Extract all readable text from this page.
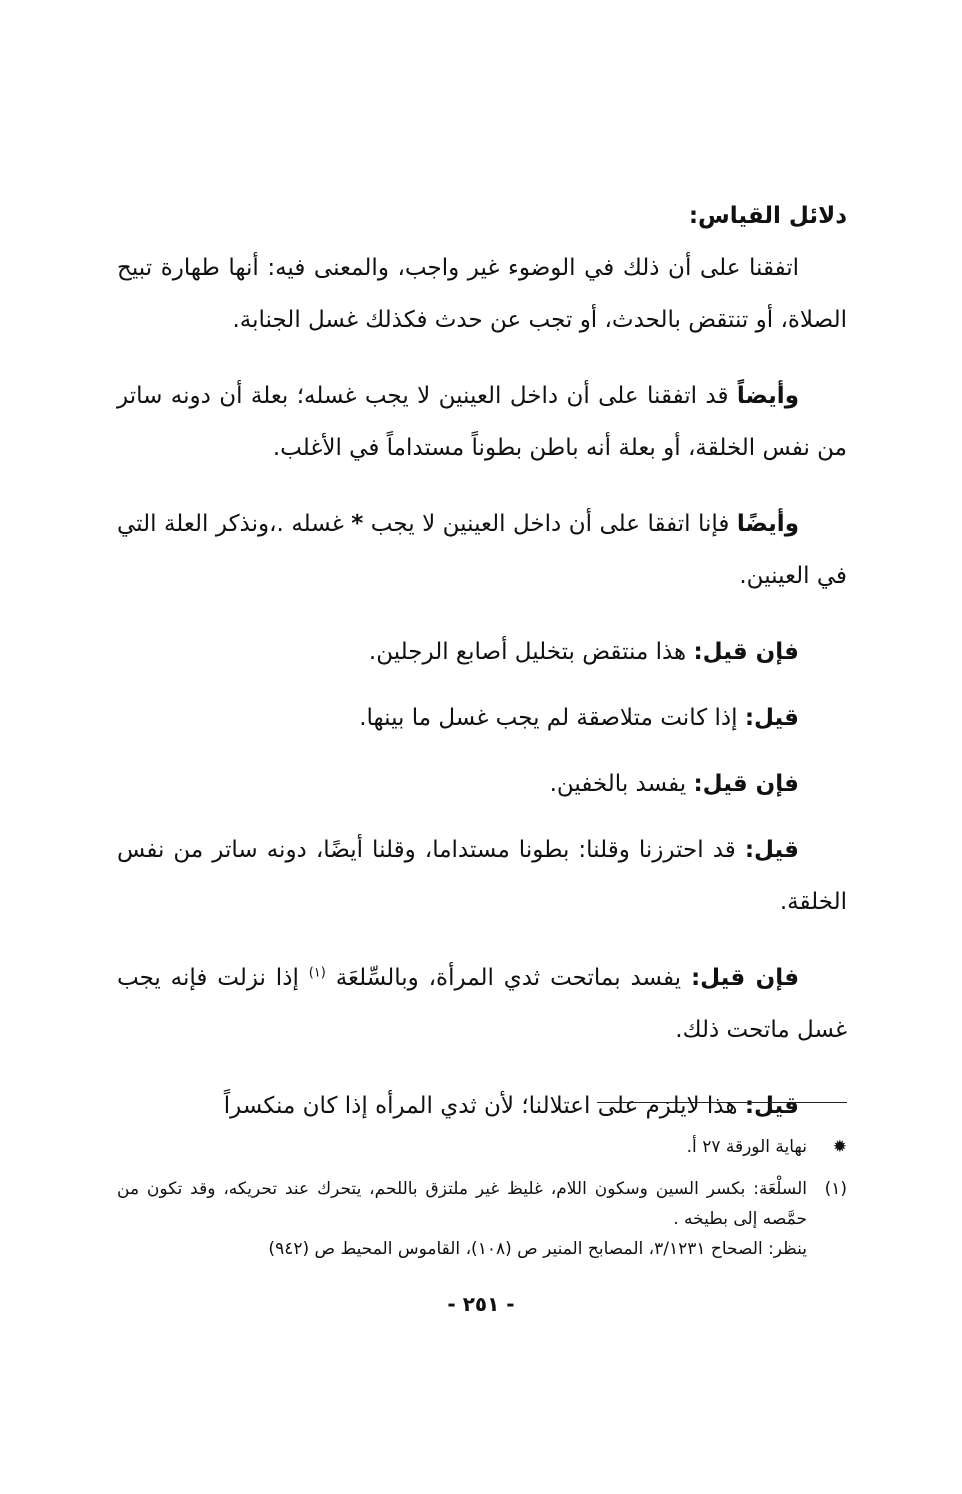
دلائل القياس:

اتفقنا على أن ذلك في الوضوء غير واجب، والمعنى فيه: أنها طهارة تبيح الصلاة، أو تنتقض بالحدث، أو تجب عن حدث فكذلك غسل الجنابة.

وأيضاً قد اتفقنا على أن داخل العينين لا يجب غسله؛ بعلة أن دونه ساتر من نفس الخلقة، أو بعلة أنه باطن بطوناً مستداماً في الأغلب.

وأيضًا فإنا اتفقا على أن داخل العينين لا يجب * غسله .،ونذكر العلة التي في العينين.

فإن قيل: هذا منتقض بتخليل أصابع الرجلين.

قيل: إذا كانت متلاصقة لم يجب غسل ما بينها.

فإن قيل: يفسد بالخفين.

قيل: قد احترزنا وقلنا: بطونا مستداما، وقلنا أيضًا، دونه ساتر من نفس الخلقة.

فإن قيل: يفسد بماتحت ثدي المرأة، وبالسِّلعَة $^{(١)}$ إذا نزلت فإنه يجب غسل ماتحت ذلك.

قيل: هذا لايلزم على اعتلالنا؛ لأن ثدي المرأه إذا كان منكسراً

✹
نهاية الورقة ٢٧ أ.
(١)
السلْعَة: بكسر السين وسكون اللام، غليظ غير ملتزق باللحم، يتحرك عند تحريكه، وقد تكون من حمَّصه إلى بطيخه .
ينظر: الصحاح ٣/١٢٣١، المصابح المنير ص (١٠٨)، القاموس المحيط ص (٩٤٢)
- ٢٥١ -
